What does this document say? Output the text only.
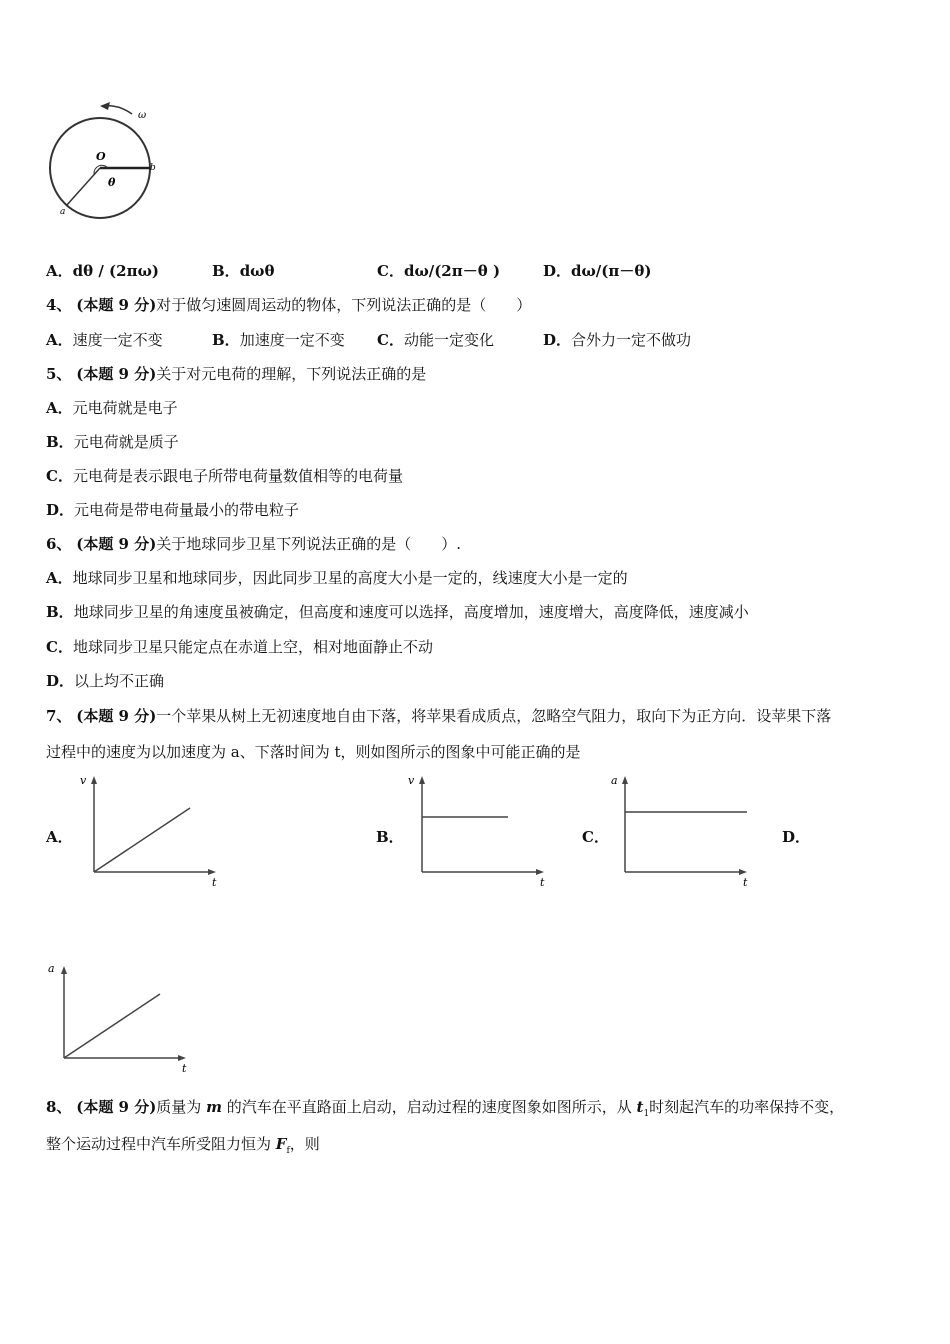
ω
O
θ
b
a
A．dθ / (2πω)	B．dωθ	C．dω/(2π－θ )	D．dω/(π－θ)
4、 (本题 9 分)对于做匀速圆周运动的物体，下列说法正确的是（　　）
A．速度一定不变	B．加速度一定不变 C．动能一定变化	D．合外力一定不做功
5、 (本题 9 分)关于对元电荷的理解，下列说法正确的是
A．元电荷就是电子
B．元电荷就是质子
C．元电荷是表示跟电子所带电荷量数值相等的电荷量
D．元电荷是带电荷量最小的带电粒子
6、 (本题 9 分)关于地球同步卫星下列说法正确的是（　　）.
A．地球同步卫星和地球同步，因此同步卫星的高度大小是一定的，线速度大小是一定的
B．地球同步卫星的角速度虽被确定，但高度和速度可以选择，高度增加，速度增大，高度降低，速度减小
C．地球同步卫星只能定点在赤道上空，相对地面静止不动
D．以上均不正确
7、 (本题 9 分)一个苹果从树上无初速度地自由下落，将苹果看成质点，忽略空气阻力，取向下为正方向．设苹果下落
过程中的速度为以加速度为 a、下落时间为 t，则如图所示的图象中可能正确的是
A．	B．	C．	D．
v
t
v
t
a
t
a
t
8、 (本题 9 分)质量为 m 的汽车在平直路面上启动，启动过程的速度图象如图所示，从 $t_1$时刻起汽车的功率保持不变，
整个运动过程中汽车所受阻力恒为 $F_f$，则
